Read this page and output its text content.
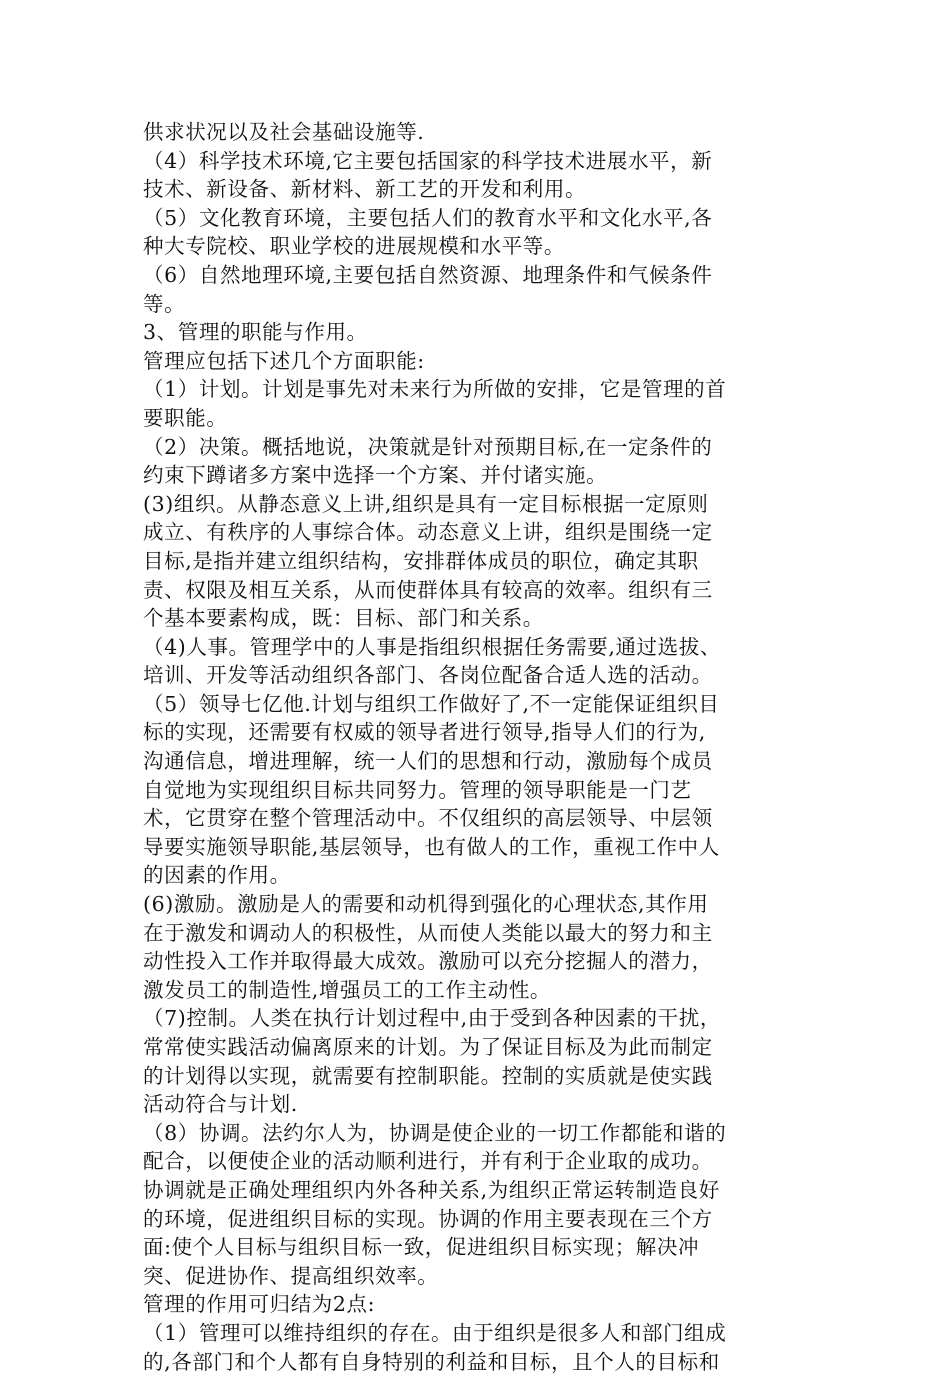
供求状况以及社会基础设施等.
（4）科学技术环境,它主要包括国家的科学技术进展水平，新
技术、新设备、新材料、新工艺的开发和利用。
（5）文化教育环境，主要包括人们的教育水平和文化水平,各
种大专院校、职业学校的进展规模和水平等。
（6）自然地理环境,主要包括自然资源、地理条件和气候条件
等。
3、管理的职能与作用。
管理应包括下述几个方面职能:
（1）计划。计划是事先对未来行为所做的安排，它是管理的首
要职能。
（2）决策。概括地说，决策就是针对预期目标,在一定条件的
约束下蹲诸多方案中选择一个方案、并付诸实施。
(3)组织。从静态意义上讲,组织是具有一定目标根据一定原则
成立、有秩序的人事综合体。动态意义上讲，组织是围绕一定
目标,是指并建立组织结构，安排群体成员的职位，确定其职
责、权限及相互关系，从而使群体具有较高的效率。组织有三
个基本要素构成，既：目标、部门和关系。
（4)人事。管理学中的人事是指组织根据任务需要,通过选拔、
培训、开发等活动组织各部门、各岗位配备合适人选的活动。
（5）领导七亿他.计划与组织工作做好了,不一定能保证组织目
标的实现，还需要有权威的领导者进行领导,指导人们的行为,
沟通信息，增进理解，统一人们的思想和行动，激励每个成员
自觉地为实现组织目标共同努力。管理的领导职能是一门艺
术，它贯穿在整个管理活动中。不仅组织的高层领导、中层领
导要实施领导职能,基层领导，也有做人的工作，重视工作中人
的因素的作用。
(6)激励。激励是人的需要和动机得到强化的心理状态,其作用
在于激发和调动人的积极性，从而使人类能以最大的努力和主
动性投入工作并取得最大成效。激励可以充分挖掘人的潜力，
激发员工的制造性,增强员工的工作主动性。
（7)控制。人类在执行计划过程中,由于受到各种因素的干扰，
常常使实践活动偏离原来的计划。为了保证目标及为此而制定
的计划得以实现，就需要有控制职能。控制的实质就是使实践
活动符合与计划.
（8）协调。法约尔人为，协调是使企业的一切工作都能和谐的
配合，以便使企业的活动顺利进行，并有利于企业取的成功。
协调就是正确处理组织内外各种关系,为组织正常运转制造良好
的环境，促进组织目标的实现。协调的作用主要表现在三个方
面:使个人目标与组织目标一致，促进组织目标实现；解决冲
突、促进协作、提高组织效率。
管理的作用可归结为2点:
（1）管理可以维持组织的存在。由于组织是很多人和部门组成
的,各部门和个人都有自身特别的利益和目标，且个人的目标和
